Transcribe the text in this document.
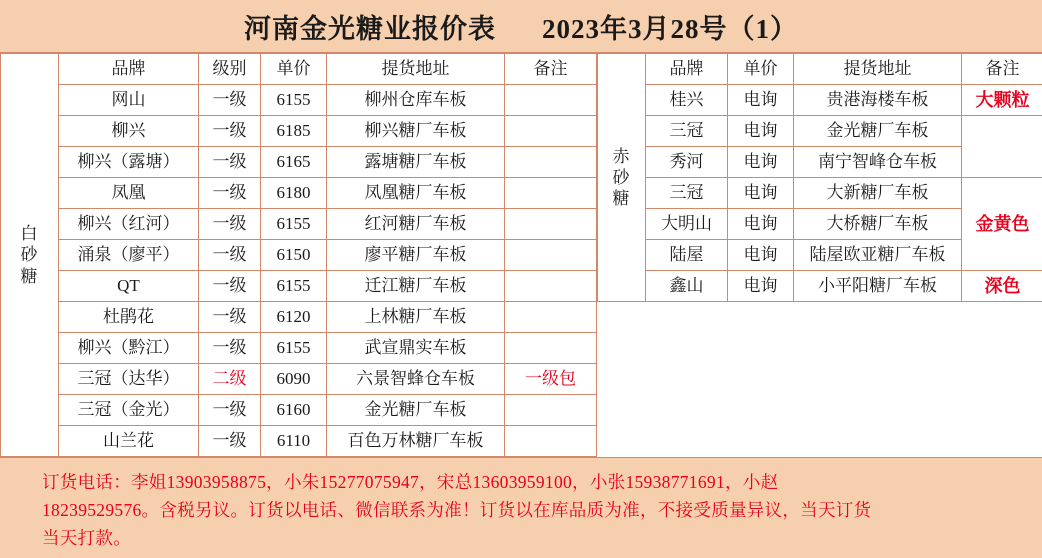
河南金光糖业报价表 2023年3月28号（1）
白
砂
糖	品牌	级别	单价	提货地址	备注
	网山	一级	6155	柳州仓库车板	
	柳兴	一级	6185	柳兴糖厂车板	
	柳兴（露塘）	一级	6165	露塘糖厂车板	
	凤凰	一级	6180	凤凰糖厂车板	
	柳兴（红河）	一级	6155	红河糖厂车板	
	涌泉（廖平）	一级	6150	廖平糖厂车板	
	QT	一级	6155	迁江糖厂车板	
	杜鹃花	一级	6120	上林糖厂车板	
	柳兴（黔江）	一级	6155	武宣鼎实车板	
	三冠（达华）	二级	6090	六景智蜂仓车板	一级包
	三冠（金光）	一级	6160	金光糖厂车板	
	山兰花	一级	6110	百色万林糖厂车板	
赤
砂
糖	品牌	单价	提货地址	备注
	桂兴	电询	贵港海楼车板	大颗粒
	三冠	电询	金光糖厂车板	
	秀河	电询	南宁智峰仓车板	
	三冠	电询	大新糖厂车板	金黄色
	大明山	电询	大桥糖厂车板	
	陆屋	电询	陆屋欧亚糖厂车板	
	鑫山	电询	小平阳糖厂车板	深色

订货电话：李姐13903958875，小朱15277075947，宋总13603959100，小张15938771691，小赵

18239529576。含税另议。订货以电话、微信联系为准！订货以在库品质为准，不接受质量异议，当天订货

当天打款。
